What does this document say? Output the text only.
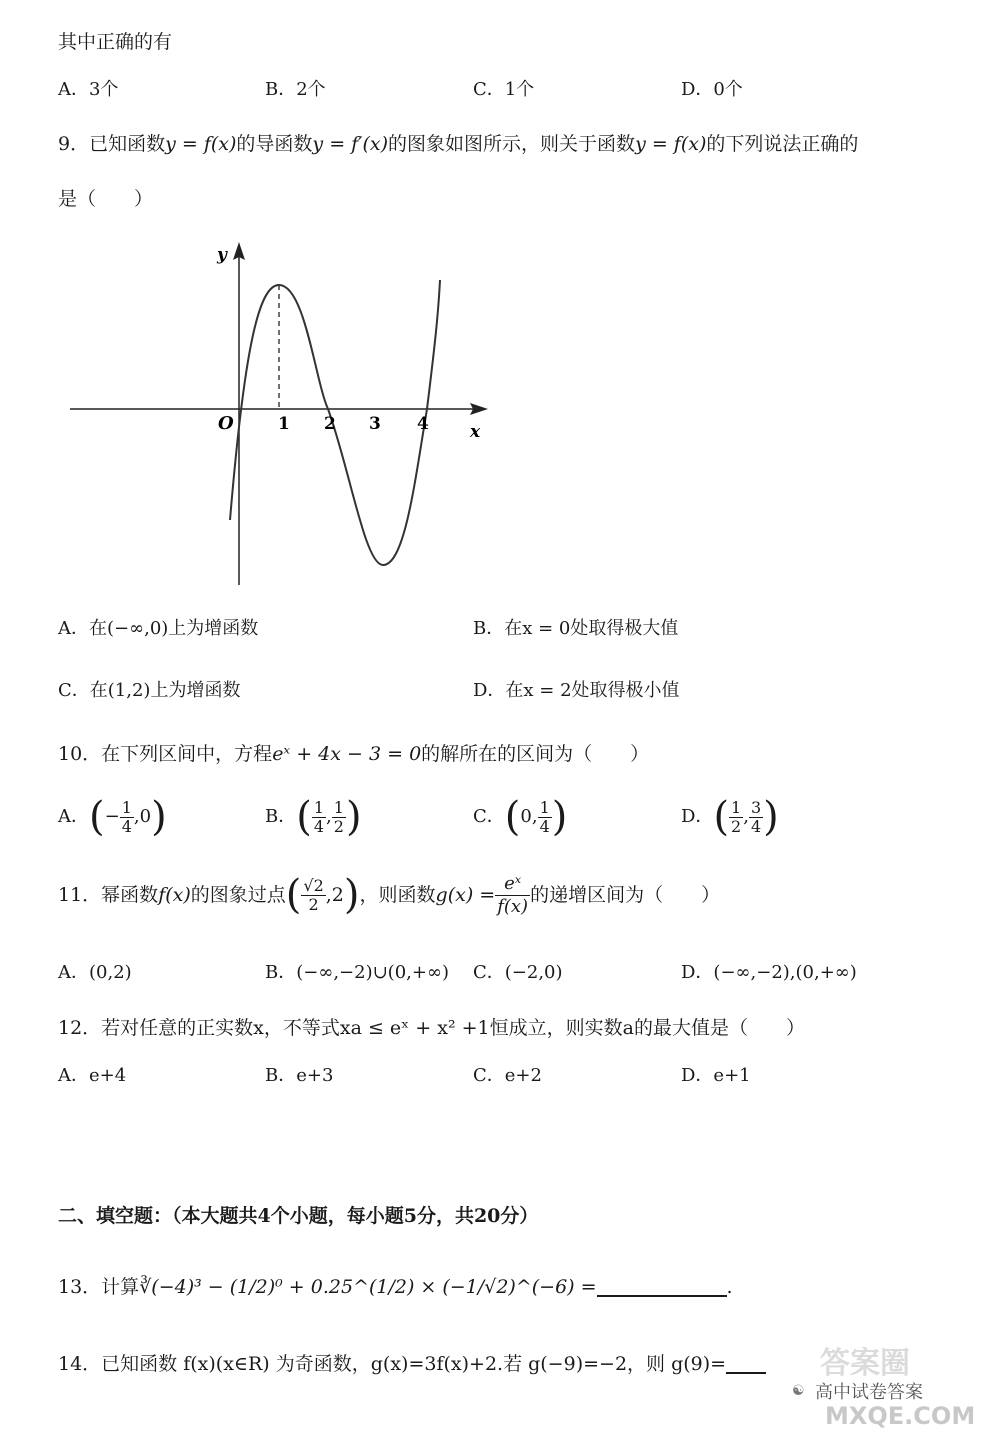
其中正确的有
A．3个	B．2个	C．1个	D．0个
9．已知函数y = f(x)的导函数y = f′(x)的图象如图所示，则关于函数y = f(x)的下列说法正确的
是（　　）
y
x
O	1 2 3 4
A．在(−∞,0)上为增函数	B．在x = 0处取得极大值
C．在(1,2)上为增函数	D．在x = 2处取得极小值
10．在下列区间中，方程eˣ + 4x − 3 = 0的解所在的区间为（　　）
A． ( − $\frac{1}{4} ,0$ )	B． ( $\frac{1}{4}$ , $\frac{1}{2}$ )	C． ( 0, $\frac{1}{4}$ )	D． ( $\frac{1}{2}$ , $\frac{3}{4}$ )
11．幂函数 f(x) 的图象过点 ( $\frac{√2}{2} ,2$ ) ，则函数 $g(x) = \frac{\text{eˣ}}{f(x)}$ 的递增区间为（　　）
A．(0,2)	B．(−∞,−2)∪(0,+∞) C．(−2,0)	D．(−∞,−2),(0,+∞)
12．若对任意的正实数x，不等式xa ≤ eˣ + x² +1恒成立，则实数a的最大值是（　　）
A．e+4	B．e+3	C．e+2	D．e+1
二、填空题：（本大题共4个小题，每小题5分，共20分）
13．计算 ∛(−4)³ − (1/2)⁰ + 0.25^(1/2) × (−1/√2)^(−6) =	.
14．已知函数 f(x)(x∈R) 为奇函数，g(x)=3f(x)+2.若 g(−9)=−2，则 g(9)=	答案圈
☯ 高中试卷答案
MXQE.COM
